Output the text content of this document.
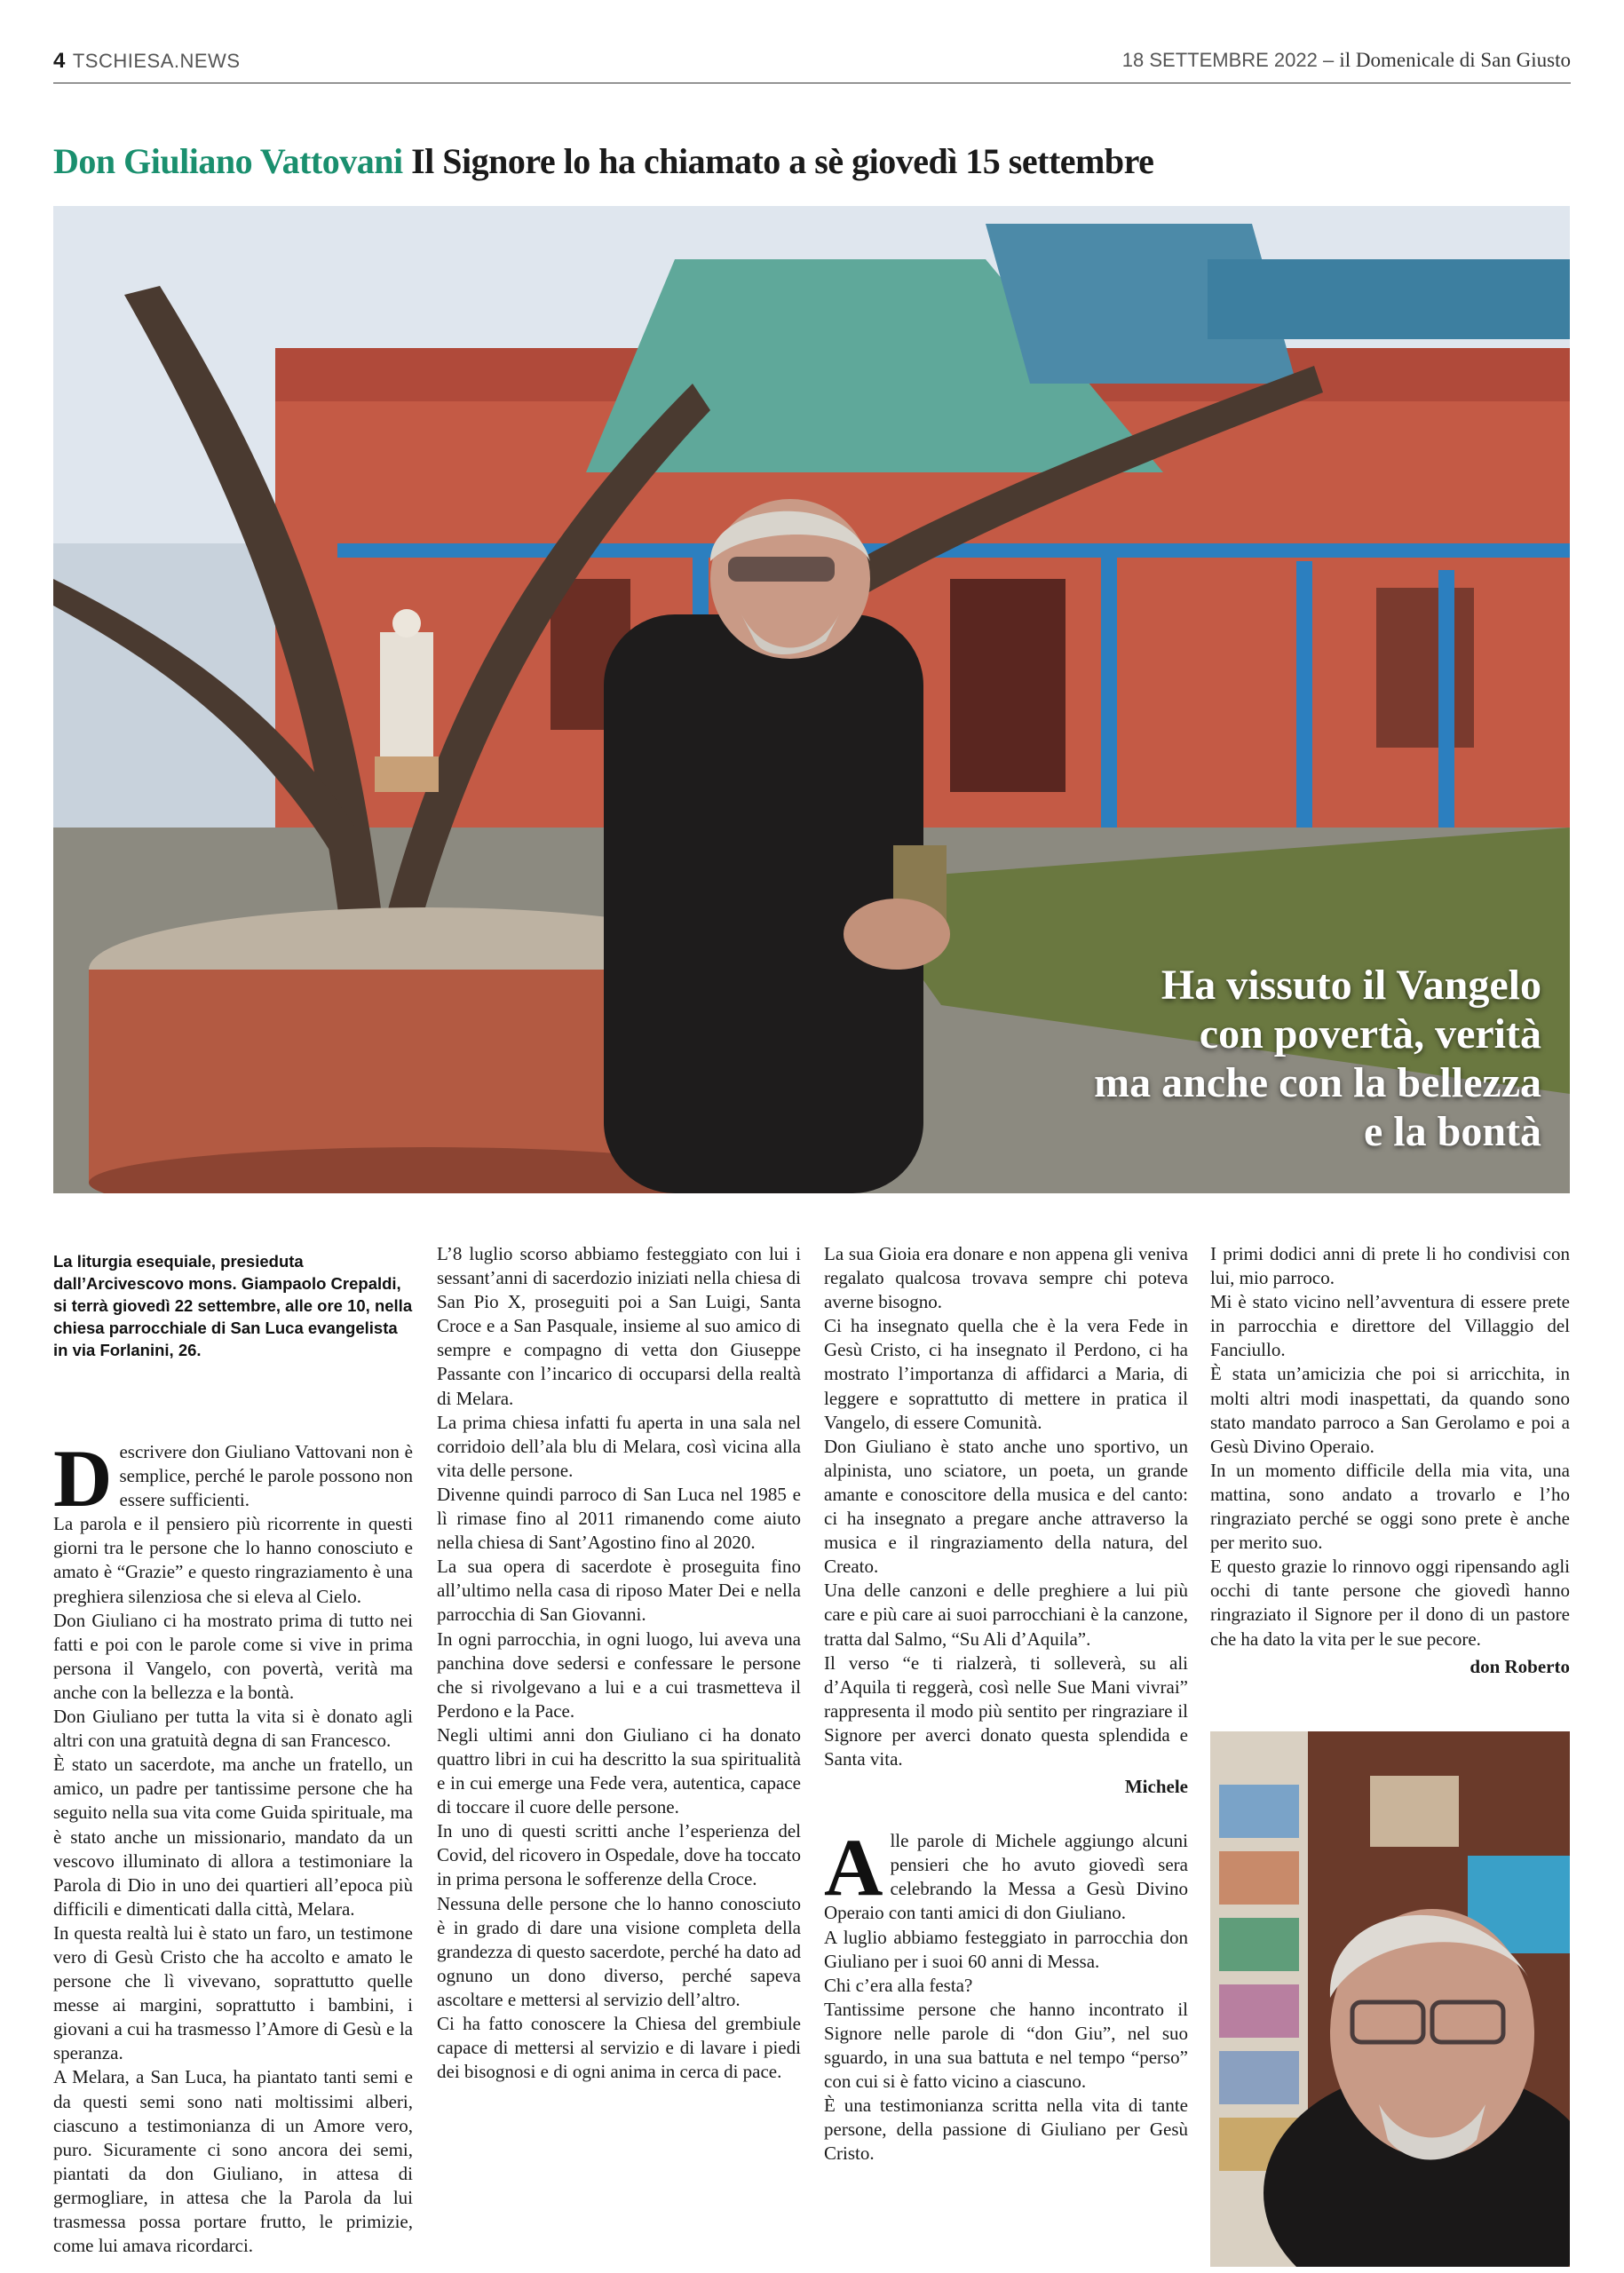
4 TSCHIESA.NEWS	18 SETTEMBRE 2022 – il Domenicale di San Giusto
Don Giuliano Vattovani Il Signore lo ha chiamato a sè giovedì 15 settembre
Ha vissuto il Vangelo
con povertà, verità
ma anche con la bellezza
e la bontà
La liturgia esequiale, presieduta dall’Arcivescovo mons. Giampaolo Crepaldi, si terrà giovedì 22 settembre, alle ore 10, nella chiesa parrocchiale di San Luca evangelista in via Forlanini, 26.

Descrivere don Giuliano Vattovani non è semplice, perché le parole possono non essere sufficienti.

La parola e il pensiero più ricorrente in questi giorni tra le persone che lo hanno conosciuto e amato è “Grazie” e questo ringraziamento è una preghiera silenziosa che si eleva al Cielo.

Don Giuliano ci ha mostrato prima di tutto nei fatti e poi con le parole come si vive in prima persona il Vangelo, con povertà, verità ma anche con la bellezza e la bontà.

Don Giuliano per tutta la vita si è donato agli altri con una gratuità degna di san Francesco.

È stato un sacerdote, ma anche un fratello, un amico, un padre per tantissime persone che ha seguito nella sua vita come Guida spirituale, ma è stato anche un missionario, mandato da un vescovo illuminato di allora a testimoniare la Parola di Dio in uno dei quartieri all’epoca più difficili e dimenticati dalla città, Melara.

In questa realtà lui è stato un faro, un testimone vero di Gesù Cristo che ha accolto e amato le persone che lì vivevano, soprattutto quelle messe ai margini, soprattutto i bambini, i giovani a cui ha trasmesso l’Amore di Gesù e la speranza.

A Melara, a San Luca, ha piantato tanti semi e da questi semi sono nati moltissimi alberi, ciascuno a testimonianza di un Amore vero, puro. Sicuramente ci sono ancora dei semi, piantati da don Giuliano, in attesa di germogliare, in attesa che la Parola da lui trasmessa possa portare frutto, le primizie, come lui amava ricordarci.

L’8 luglio scorso abbiamo festeggiato con lui i sessant’anni di sacerdozio iniziati nella chiesa di San Pio X, proseguiti poi a San Luigi, Santa Croce e a San Pasquale, insieme al suo amico di sempre e compagno di vetta don Giuseppe Passante con l’incarico di occuparsi della realtà di Melara.

La prima chiesa infatti fu aperta in una sala nel corridoio dell’ala blu di Melara, così vicina alla vita delle persone.

Divenne quindi parroco di San Luca nel 1985 e lì rimase fino al 2011 rimanendo come aiuto nella chiesa di Sant’Agostino fino al 2020.

La sua opera di sacerdote è proseguita fino all’ultimo nella casa di riposo Mater Dei e nella parrocchia di San Giovanni.

In ogni parrocchia, in ogni luogo, lui aveva una panchina dove sedersi e confessare le persone che si rivolgevano a lui e a cui trasmetteva il Perdono e la Pace.

Negli ultimi anni don Giuliano ci ha donato quattro libri in cui ha descritto la sua spiritualità e in cui emerge una Fede vera, autentica, capace di toccare il cuore delle persone.

In uno di questi scritti anche l’esperienza del Covid, del ricovero in Ospedale, dove ha toccato in prima persona le sofferenze della Croce.

Nessuna delle persone che lo hanno conosciuto è in grado di dare una visione completa della grandezza di questo sacerdote, perché ha dato ad ognuno un dono diverso, perché sapeva ascoltare e mettersi al servizio dell’altro.

Ci ha fatto conoscere la Chiesa del grembiule capace di mettersi al servizio e di lavare i piedi dei bisognosi e di ogni anima in cerca di pace.

La sua Gioia era donare e non appena gli veniva regalato qualcosa trovava sempre chi poteva averne bisogno.

Ci ha insegnato quella che è la vera Fede in Gesù Cristo, ci ha insegnato il Perdono, ci ha mostrato l’importanza di affidarci a Maria, di leggere e soprattutto di mettere in pratica il Vangelo, di essere Comunità.

Don Giuliano è stato anche uno sportivo, un alpinista, uno sciatore, un poeta, un grande amante e conoscitore della musica e del canto: ci ha insegnato a pregare anche attraverso la musica e il ringraziamento della natura, del Creato.

Una delle canzoni e delle preghiere a lui più care e più care ai suoi parrocchiani è la canzone, tratta dal Salmo, “Su Ali d’Aquila”.

Il verso “e ti rialzerà, ti solleverà, su ali d’Aquila ti reggerà, così nelle Sue Mani vivrai” rappresenta il modo più sentito per ringraziare il Signore per averci donato questa splendida e Santa vita.

Michele

Alle parole di Michele aggiungo alcuni pensieri che ho avuto giovedì sera celebrando la Messa a Gesù Divino Operaio con tanti amici di don Giuliano.

A luglio abbiamo festeggiato in parrocchia don Giuliano per i suoi 60 anni di Messa.

Chi c’era alla festa?

Tantissime persone che hanno incontrato il Signore nelle parole di “don Giu”, nel suo sguardo, in una sua battuta e nel tempo “perso” con cui si è fatto vicino a ciascuno.

È una testimonianza scritta nella vita di tante persone, della passione di Giuliano per Gesù Cristo.

I primi dodici anni di prete li ho condivisi con lui, mio parroco.

Mi è stato vicino nell’avventura di essere prete in parrocchia e direttore del Villaggio del Fanciullo.

È stata un’amicizia che poi si arricchita, in molti altri modi inaspettati, da quando sono stato mandato parroco a San Gerolamo e poi a Gesù Divino Operaio.

In un momento difficile della mia vita, una mattina, sono andato a trovarlo e l’ho ringraziato perché se oggi sono prete è anche per merito suo.

E questo grazie lo rinnovo oggi ripensando agli occhi di tante persone che giovedì hanno ringraziato il Signore per il dono di un pastore che ha dato la vita per le sue pecore.

don Roberto
